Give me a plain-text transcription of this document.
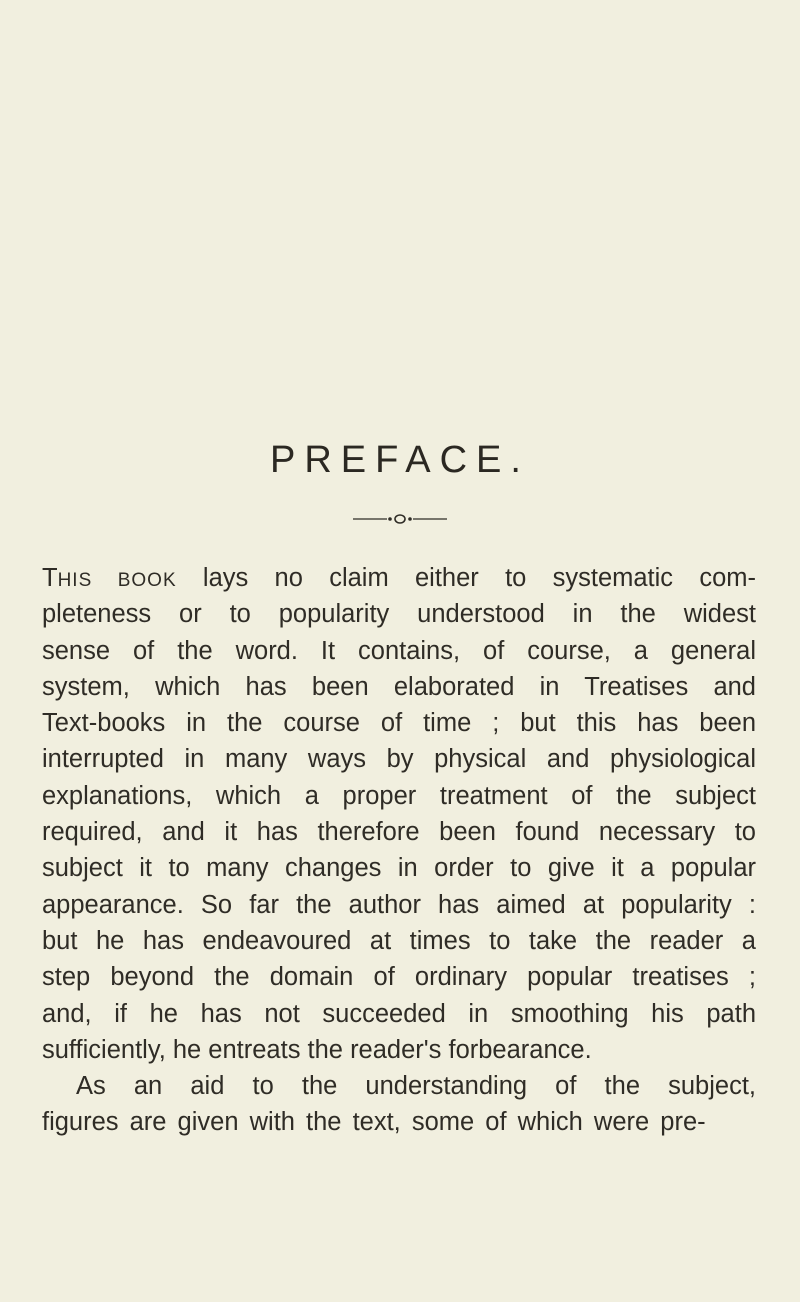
PREFACE.
THIS BOOK lays no claim either to systematic com-
pleteness or to popularity understood in the widest
sense of the word. It contains, of course, a general
system, which has been elaborated in Treatises and
Text-books in the course of time ; but this has been
interrupted in many ways by physical and physiological
explanations, which a proper treatment of the subject
required, and it has therefore been found necessary to
subject it to many changes in order to give it a popular
appearance. So far the author has aimed at popularity :
but he has endeavoured at times to take the reader a
step beyond the domain of ordinary popular treatises ;
and, if he has not succeeded in smoothing his path
sufficiently, he entreats the reader's forbearance.
As an aid to the understanding of the subject,
figures are given with the text, some of which were pre-
